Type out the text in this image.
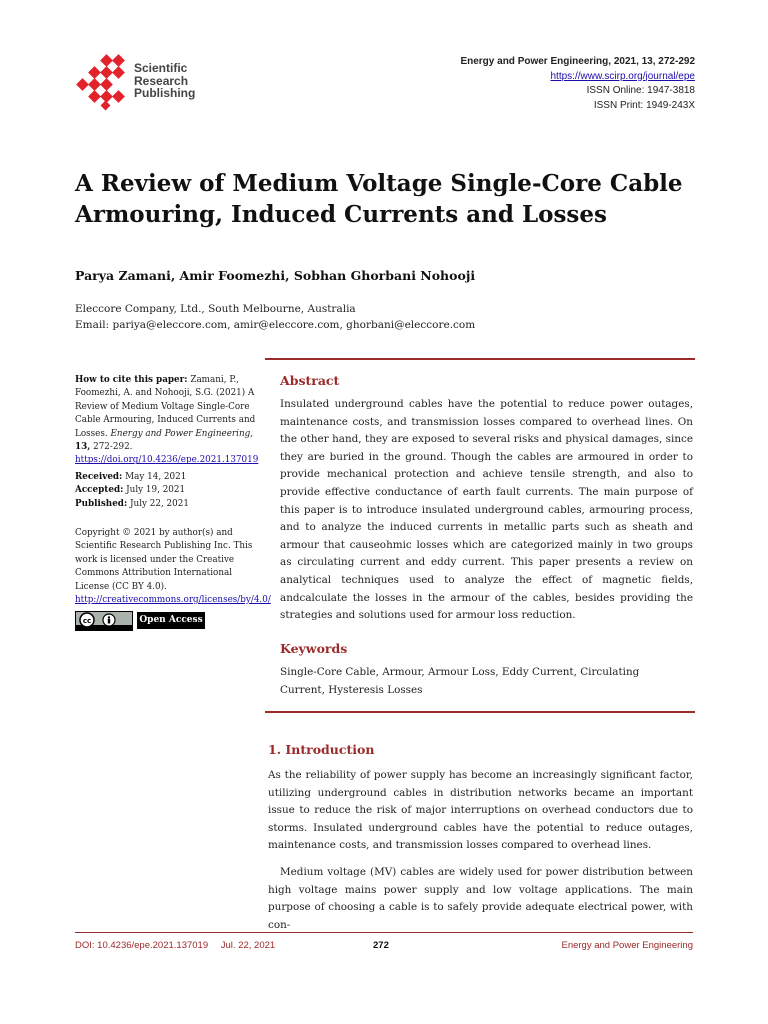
Scientific
Research
Publishing
Energy and Power Engineering, 2021, 13, 272-292
https://www.scirp.org/journal/epe
ISSN Online: 1947-3818
ISSN Print: 1949-243X
A Review of Medium Voltage Single-Core Cable Armouring, Induced Currents and Losses
Parya Zamani, Amir Foomezhi, Sobhan Ghorbani Nohooji
Eleccore Company, Ltd., South Melbourne, Australia
Email: pariya@eleccore.com, amir@eleccore.com, ghorbani@eleccore.com
How to cite this paper: Zamani, P., Foomezhi, A. and Nohooji, S.G. (2021) A Review of Medium Voltage Single-Core Cable Armouring, Induced Currents and Losses. Energy and Power Engineering, 13, 272-292.
https://doi.org/10.4236/epe.2021.137019
Received: May 14, 2021
Accepted: July 19, 2021
Published: July 22, 2021
Copyright © 2021 by author(s) and Scientific Research Publishing Inc. This work is licensed under the Creative Commons Attribution International License (CC BY 4.0).
http://creativecommons.org/licenses/by/4.0/
cc	Open Access
Abstract
Insulated underground cables have the potential to reduce power outages, maintenance costs, and transmission losses compared to overhead lines. On the other hand, they are exposed to several risks and physical damages, since they are buried in the ground. Though the cables are armoured in order to provide mechanical protection and achieve tensile strength, and also to provide effective conductance of earth fault currents. The main purpose of this paper is to introduce insulated underground cables, armouring process, and to analyze the induced currents in metallic parts such as sheath and armour that causeohmic losses which are categorized mainly in two groups as circulating current and eddy current. This paper presents a review on analytical techniques used to analyze the effect of magnetic fields, andcalculate the losses in the armour of the cables, besides providing the strategies and solutions used for armour loss reduction.
Keywords
Single-Core Cable, Armour, Armour Loss, Eddy Current, Circulating Current, Hysteresis Losses
1. Introduction
As the reliability of power supply has become an increasingly significant factor, utilizing underground cables in distribution networks became an important issue to reduce the risk of major interruptions on overhead conductors due to storms. Insulated underground cables have the potential to reduce outages, maintenance costs, and transmission losses compared to overhead lines.
Medium voltage (MV) cables are widely used for power distribution between high voltage mains power supply and low voltage applications. The main purpose of choosing a cable is to safely provide adequate electrical power, with con-
DOI: 10.4236/epe.2021.137019 Jul. 22, 2021	272	Energy and Power Engineering
